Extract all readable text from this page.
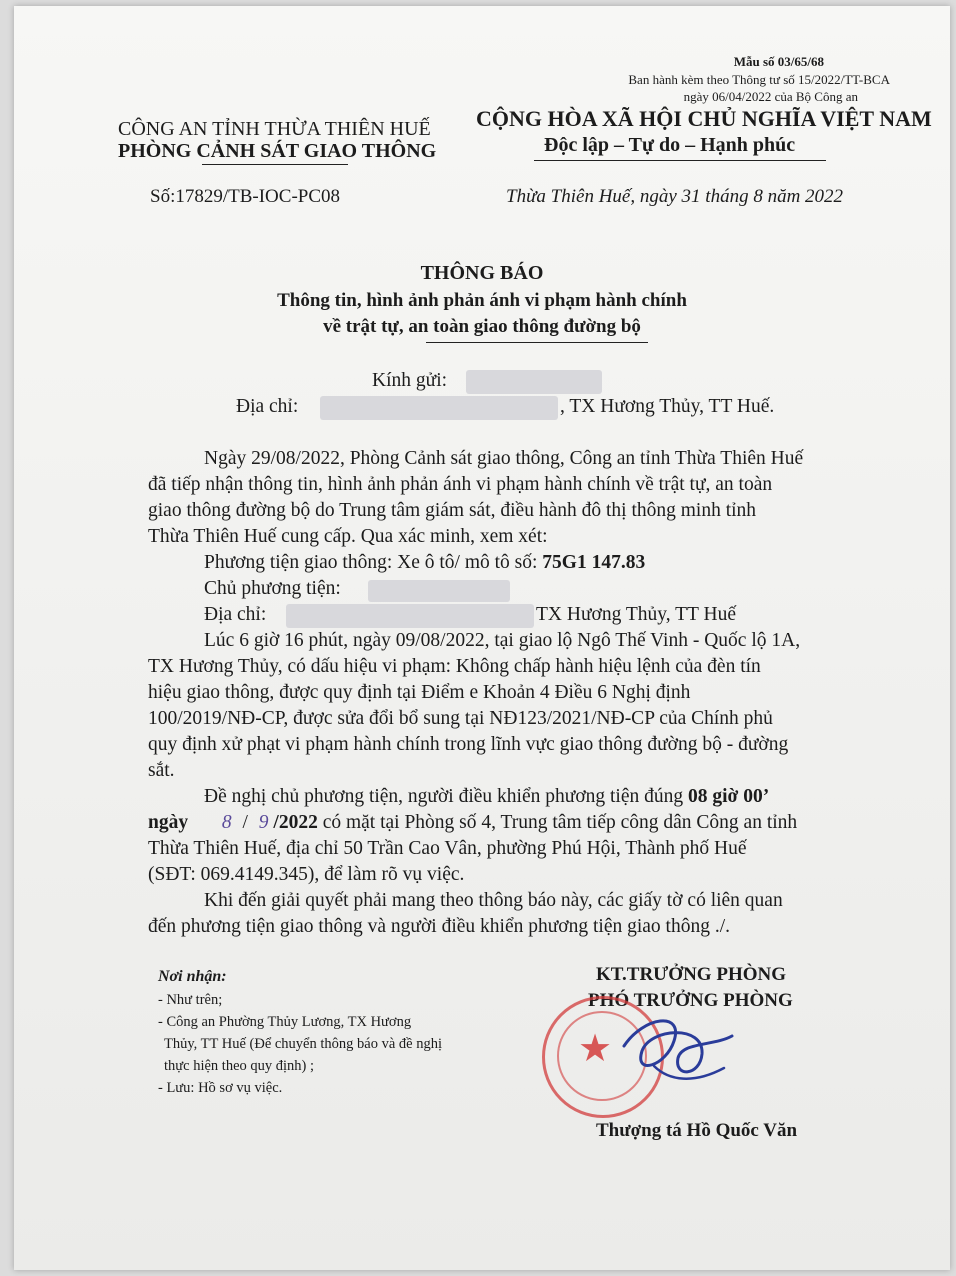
Mẫu số 03/65/68
Ban hành kèm theo Thông tư số 15/2022/TT-BCA
ngày 06/04/2022 của Bộ Công an
CÔNG AN TỈNH THỪA THIÊN HUẾ
PHÒNG CẢNH SÁT GIAO THÔNG
CỘNG HÒA XÃ HỘI CHỦ NGHĨA VIỆT NAM
Độc lập – Tự do – Hạnh phúc
Số:17829/TB-IOC-PC08	Thừa Thiên Huế, ngày 31 tháng 8 năm 2022
THÔNG BÁO
Thông tin, hình ảnh phản ánh vi phạm hành chính
về trật tự, an toàn giao thông đường bộ
Kính gửi:
Địa chỉ:	, TX Hương Thủy, TT Huế.
Ngày 29/08/2022, Phòng Cảnh sát giao thông, Công an tỉnh Thừa Thiên Huế
đã tiếp nhận thông tin, hình ảnh phản ánh vi phạm hành chính về trật tự, an toàn
giao thông đường bộ do Trung tâm giám sát, điều hành đô thị thông minh tỉnh
Thừa Thiên Huế cung cấp. Qua xác minh, xem xét:
Phương tiện giao thông: Xe ô tô/ mô tô số: 75G1 147.83
Chủ phương tiện:
Địa chỉ:	TX Hương Thủy, TT Huế
Lúc 6 giờ 16 phút, ngày 09/08/2022, tại giao lộ Ngô Thế Vinh - Quốc lộ 1A,
TX Hương Thủy, có dấu hiệu vi phạm: Không chấp hành hiệu lệnh của đèn tín
hiệu giao thông, được quy định tại Điểm e Khoản 4 Điều 6 Nghị định
100/2019/NĐ-CP, được sửa đổi bổ sung tại NĐ123/2021/NĐ-CP của Chính phủ
quy định xử phạt vi phạm hành chính trong lĩnh vực giao thông đường bộ - đường
sắt.
Đề nghị chủ phương tiện, người điều khiển phương tiện đúng 08 giờ 00’
ngày 8 / 9 /2022 có mặt tại Phòng số 4, Trung tâm tiếp công dân Công an tỉnh
Thừa Thiên Huế, địa chỉ 50 Trần Cao Vân, phường Phú Hội, Thành phố Huế
(SĐT: 069.4149.345), để làm rõ vụ việc.
Khi đến giải quyết phải mang theo thông báo này, các giấy tờ có liên quan
đến phương tiện giao thông và người điều khiển phương tiện giao thông ./.
Nơi nhận:
- Như trên;
- Công an Phường Thủy Lương, TX Hương
Thủy, TT Huế (Để chuyển thông báo và đề nghị
thực hiện theo quy định) ;
- Lưu: Hồ sơ vụ việc.
KT.TRƯỞNG PHÒNG
PHÓ TRƯỞNG PHÒNG
★
Thượng tá Hồ Quốc Văn
